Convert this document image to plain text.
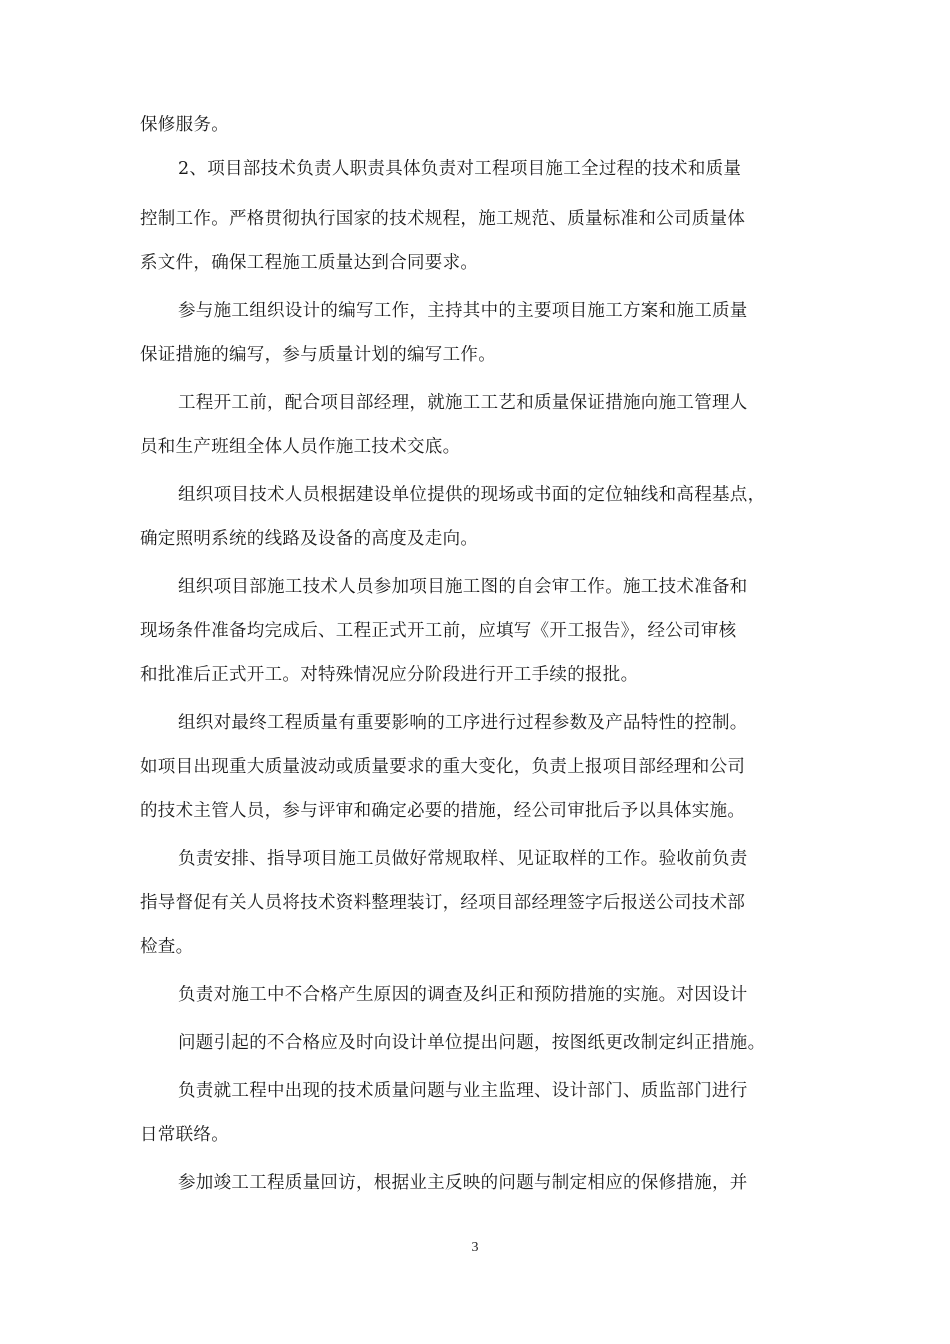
保修服务。
2、项目部技术负责人职责具体负责对工程项目施工全过程的技术和质量
控制工作。严格贯彻执行国家的技术规程，施工规范、质量标准和公司质量体
系文件，确保工程施工质量达到合同要求。
参与施工组织设计的编写工作，主持其中的主要项目施工方案和施工质量
保证措施的编写，参与质量计划的编写工作。
工程开工前，配合项目部经理，就施工工艺和质量保证措施向施工管理人
员和生产班组全体人员作施工技术交底。
组织项目技术人员根据建设单位提供的现场或书面的定位轴线和高程基点，
确定照明系统的线路及设备的高度及走向。
组织项目部施工技术人员参加项目施工图的自会审工作。施工技术准备和
现场条件准备均完成后、工程正式开工前，应填写《开工报告》，经公司审核
和批准后正式开工。对特殊情况应分阶段进行开工手续的报批。
组织对最终工程质量有重要影响的工序进行过程参数及产品特性的控制。
如项目出现重大质量波动或质量要求的重大变化，负责上报项目部经理和公司
的技术主管人员，参与评审和确定必要的措施，经公司审批后予以具体实施。
负责安排、指导项目施工员做好常规取样、见证取样的工作。验收前负责
指导督促有关人员将技术资料整理装订，经项目部经理签字后报送公司技术部
检查。
负责对施工中不合格产生原因的调查及纠正和预防措施的实施。对因设计
问题引起的不合格应及时向设计单位提出问题，按图纸更改制定纠正措施。
负责就工程中出现的技术质量问题与业主监理、设计部门、质监部门进行
日常联络。
参加竣工工程质量回访，根据业主反映的问题与制定相应的保修措施，并
3
